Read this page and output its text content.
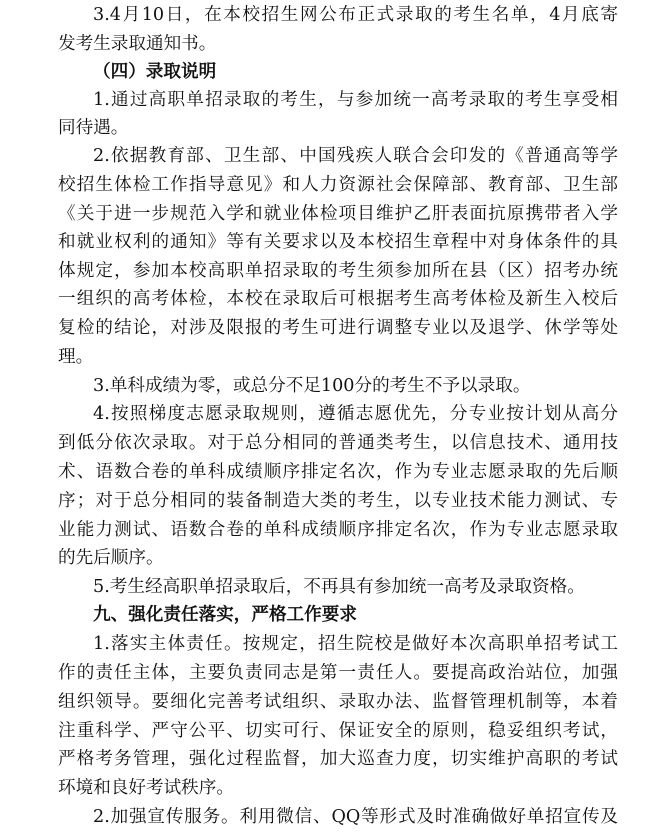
3.4月10日，在本校招生网公布正式录取的考生名单，4月底寄
发考生录取通知书。
（四）录取说明
1.通过高职单招录取的考生，与参加统一高考录取的考生享受相
同待遇。
2.依据教育部、卫生部、中国残疾人联合会印发的《普通高等学
校招生体检工作指导意见》和人力资源社会保障部、教育部、卫生部
《关于进一步规范入学和就业体检项目维护乙肝表面抗原携带者入学
和就业权利的通知》等有关要求以及本校招生章程中对身体条件的具
体规定，参加本校高职单招录取的考生须参加所在县（区）招考办统
一组织的高考体检，本校在录取后可根据考生高考体检及新生入校后
复检的结论，对涉及限报的考生可进行调整专业以及退学、休学等处
理。
3.单科成绩为零，或总分不足100分的考生不予以录取。
4.按照梯度志愿录取规则，遵循志愿优先，分专业按计划从高分
到低分依次录取。对于总分相同的普通类考生，以信息技术、通用技
术、语数合卷的单科成绩顺序排定名次，作为专业志愿录取的先后顺
序；对于总分相同的装备制造大类的考生，以专业技术能力测试、专
业能力测试、语数合卷的单科成绩顺序排定名次，作为专业志愿录取
的先后顺序。
5.考生经高职单招录取后，不再具有参加统一高考及录取资格。
九、强化责任落实，严格工作要求
1.落实主体责任。按规定，招生院校是做好本次高职单招考试工
作的责任主体，主要负责同志是第一责任人。要提高政治站位，加强
组织领导。要细化完善考试组织、录取办法、监督管理机制等，本着
注重科学、严守公平、切实可行、保证安全的原则，稳妥组织考试，
严格考务管理，强化过程监督，加大巡查力度，切实维护高职的考试
环境和良好考试秩序。
2.加强宣传服务。利用微信、QQ等形式及时准确做好单招宣传及
